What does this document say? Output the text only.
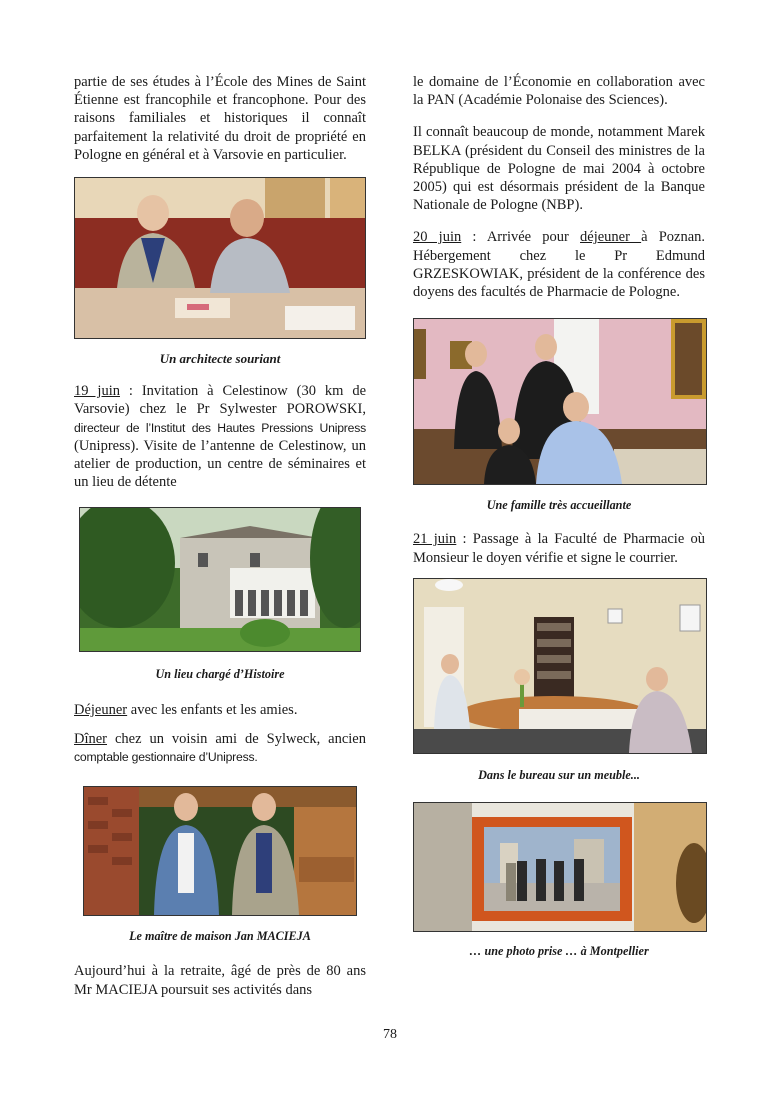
partie de ses études à l’École des Mines de Saint Étienne est francophile et francophone. Pour des raisons familiales et historiques il connaît parfaitement la relativité du droit de propriété en Pologne en général et à Varsovie en particulier.

Un architecte souriant

19 juin : Invitation à Celestinow (30 km de Varsovie) chez le Pr Sylwester POROWSKI, directeur de l’Institut des Hautes Pressions Unipress (Unipress). Visite de l’antenne de Celestinow, un atelier de production, un centre de séminaires et un lieu de détente

Un lieu chargé d’Histoire

Déjeuner avec les enfants et les amies.

Dîner chez un voisin ami de Sylweck, ancien comptable gestionnaire d’Unipress.

Le maître de maison Jan MACIEJA

Aujourd’hui à la retraite, âgé de près de 80 ans Mr MACIEJA poursuit ses activités dans

le domaine de l’Économie en collaboration avec la PAN (Académie Polonaise des Sciences).

Il connaît beaucoup de monde, notamment Marek BELKA (président du Conseil des ministres de la République de Pologne de mai 2004 à octobre 2005) qui est désormais président de la Banque Nationale de Pologne (NBP).

20 juin : Arrivée pour déjeuner à Poznan. Hébergement chez le Pr Edmund GRZESKOWIAK, président de la conférence des doyens des facultés de Pharmacie de Pologne.

Une famille très accueillante

21 juin : Passage à la Faculté de Pharmacie où Monsieur le doyen vérifie et signe le courrier.

Dans le bureau sur un meuble...

… une photo prise … à Montpellier

78
